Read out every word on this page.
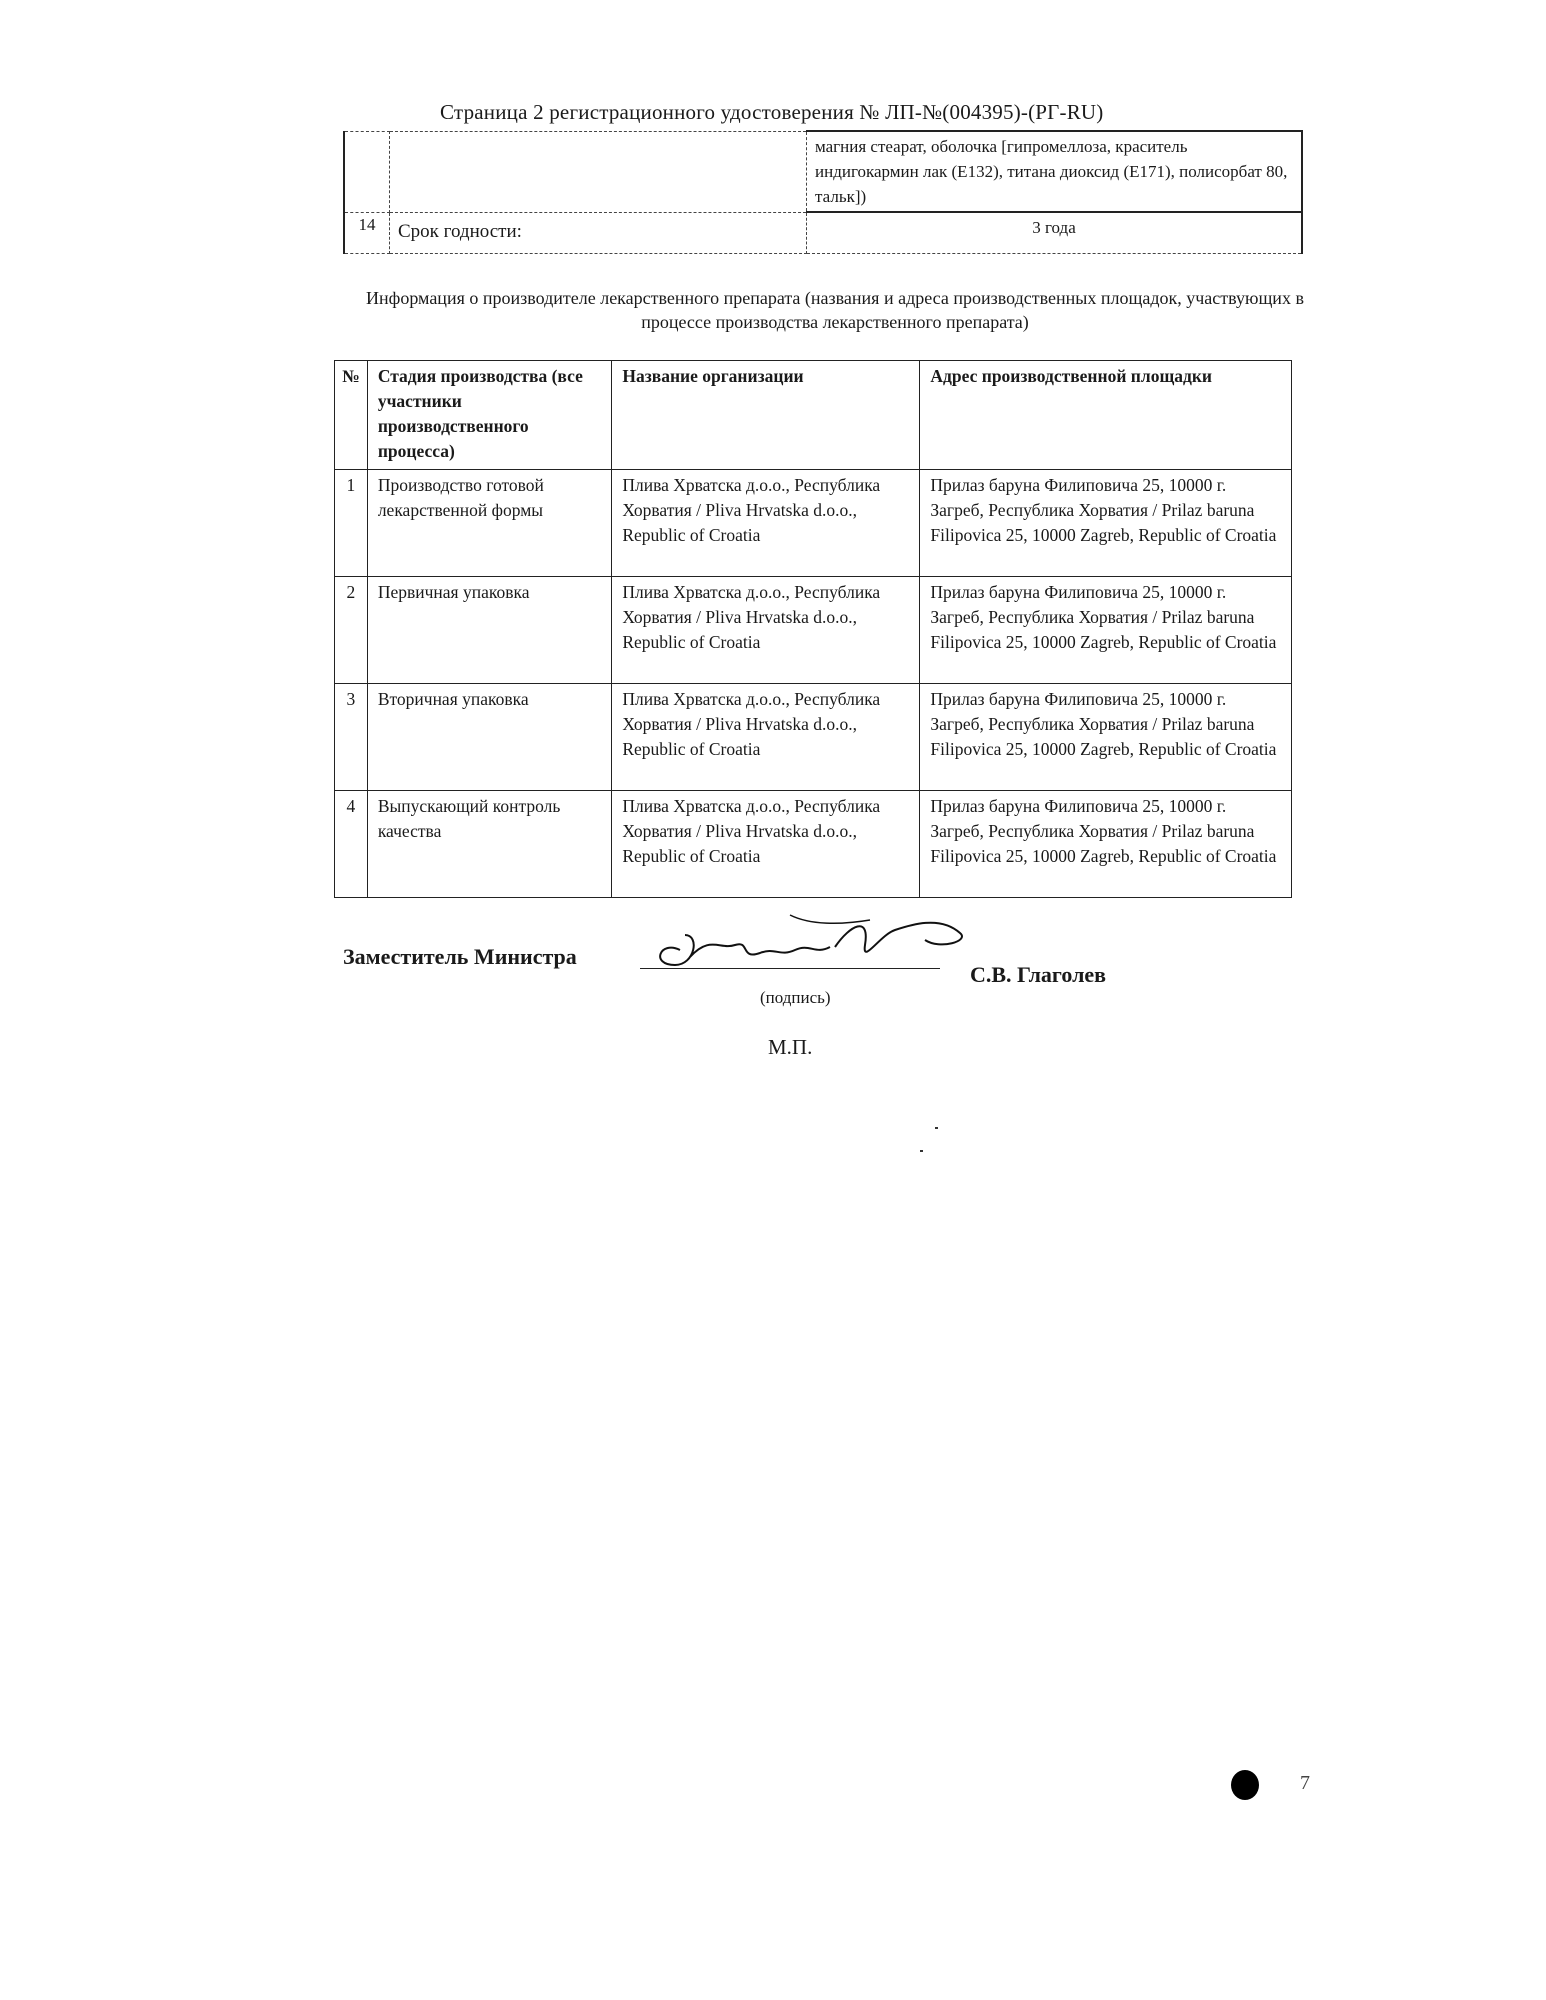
Страница 2 регистрационного удостоверения № ЛП-№(004395)-(РГ-RU)
		магния стеарат, оболочка [гипромеллоза, краситель индигокармин лак (Е132), титана диоксид (Е171), полисорбат 80, тальк])
14	Срок годности:	3 года
Информация о производителе лекарственного препарата (названия и адреса производственных площадок, участвующих в процессе производства лекарственного препарата)
№	Стадия производства (все участники производственного процесса)	Название организации	Адрес производственной площадки
1	Производство готовой лекарственной формы	Плива Хрватска д.о.о., Республика Хорватия / Pliva Hrvatska d.o.o., Republic of Croatia	Прилаз баруна Филиповича 25, 10000 г. Загреб, Республика Хорватия / Prilaz baruna Filipovica 25, 10000 Zagreb, Republic of Croatia
2	Первичная упаковка	Плива Хрватска д.о.о., Республика Хорватия / Pliva Hrvatska d.o.o., Republic of Croatia	Прилаз баруна Филиповича 25, 10000 г. Загреб, Республика Хорватия / Prilaz baruna Filipovica 25, 10000 Zagreb, Republic of Croatia
3	Вторичная упаковка	Плива Хрватска д.о.о., Республика Хорватия / Pliva Hrvatska d.o.o., Republic of Croatia	Прилаз баруна Филиповича 25, 10000 г. Загреб, Республика Хорватия / Prilaz baruna Filipovica 25, 10000 Zagreb, Republic of Croatia
4	Выпускающий контроль качества	Плива Хрватска д.о.о., Республика Хорватия / Pliva Hrvatska d.o.o., Republic of Croatia	Прилаз баруна Филиповича 25, 10000 г. Загреб, Республика Хорватия / Prilaz baruna Filipovica 25, 10000 Zagreb, Republic of Croatia
Заместитель Министра
(подпись)
С.В. Глаголев
М.П.
7
